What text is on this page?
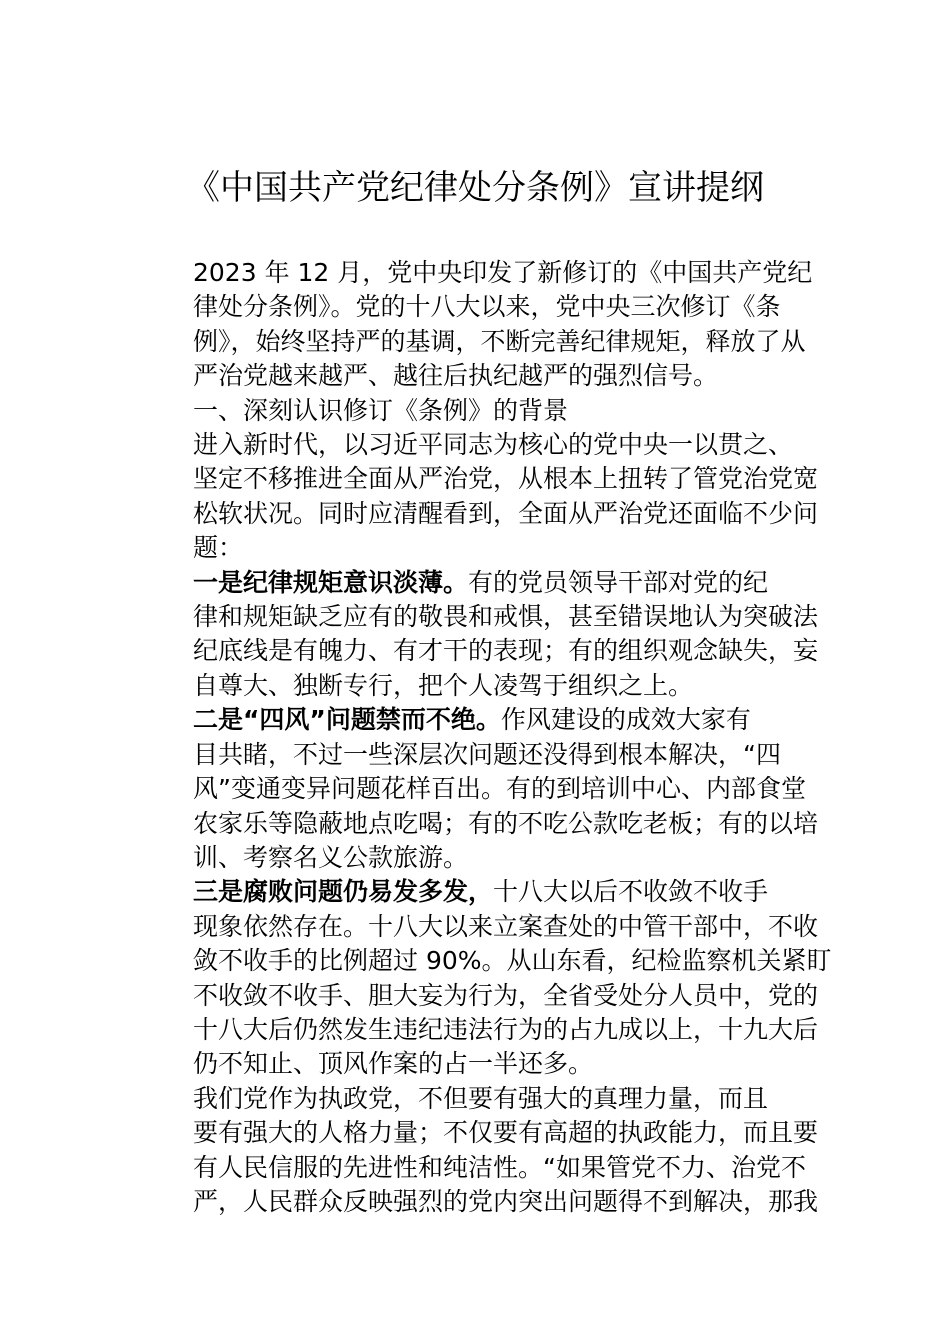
《中国共产党纪律处分条例》宣讲提纲

2023 年 12 月，党中央印发了新修订的《中国共产党纪
律处分条例》。党的十八大以来，党中央三次修订《条
例》，始终坚持严的基调，不断完善纪律规矩，释放了从
严治党越来越严、越往后执纪越严的强烈信号。

一、深刻认识修订《条例》的背景

进入新时代，以习近平同志为核心的党中央一以贯之、
坚定不移推进全面从严治党，从根本上扭转了管党治党宽
松软状况。同时应清醒看到，全面从严治党还面临不少问
题：

一是纪律规矩意识淡薄。有的党员领导干部对党的纪
律和规矩缺乏应有的敬畏和戒惧，甚至错误地认为突破法
纪底线是有魄力、有才干的表现；有的组织观念缺失，妄
自尊大、独断专行，把个人凌驾于组织之上。

二是“四风”问题禁而不绝。作风建设的成效大家有
目共睹，不过一些深层次问题还没得到根本解决，“四
风”变通变异问题花样百出。有的到培训中心、内部食堂
农家乐等隐蔽地点吃喝；有的不吃公款吃老板；有的以培
训、考察名义公款旅游。

三是腐败问题仍易发多发，十八大以后不收敛不收手
现象依然存在。十八大以来立案查处的中管干部中，不收
敛不收手的比例超过 90%。从山东看，纪检监察机关紧盯
不收敛不收手、胆大妄为行为，全省受处分人员中，党的
十八大后仍然发生违纪违法行为的占九成以上，十九大后
仍不知止、顶风作案的占一半还多。

我们党作为执政党，不但要有强大的真理力量，而且
要有强大的人格力量；不仅要有高超的执政能力，而且要
有人民信服的先进性和纯洁性。“如果管党不力、治党不
严，人民群众反映强烈的党内突出问题得不到解决，那我
